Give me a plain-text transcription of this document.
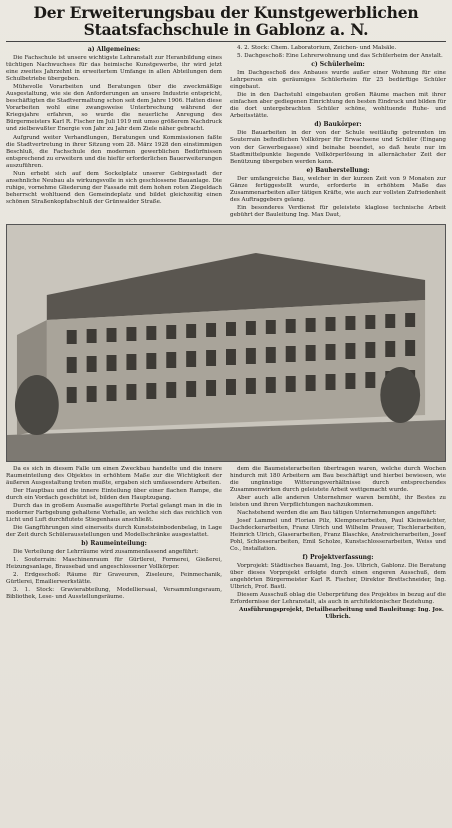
Der Erweiterungsbau der Kunstgewerblichen Staatsfachschule in Gablonz a. N.
a) Allgemeines:

Die Fachschule ist unsere wichtigste Lehranstalt zur Heranbildung eines tüchtigen Nachwuchses für das heimische Kunstgewerbe, ihr wird jetzt eine zweites Jahrzehnt in erweitertem Umfange in allen Abteilungen dem Schulbetriebe übergeben.

Mühevolle Vorarbeiten und Beratungen über die zweckmäßige Ausgestaltung, wie sie den Anforderungen an unsere Industrie entspricht, beschäftigten die Stadtvermaltung schon seit dem Jahre 1906. Hatten diese Vorarbeiten wohl eine zwangsweise Unterbrechung während der Kriegsjahre erfahren, so wurde die neuerliche Anregung des Bürgermeisters Karl R. Fischer im Juli 1919 mit umso größerem Nachdruck und zielbewußter Energie von Jahr zu Jahr dem Ziele näher gebracht.

Aufgrund weiter Verhandlungen, Beratungen und Kommissionen faßte die Stadtvertretung in ihrer Sitzung vom 28. März 1928 den einstimmigen Beschluß, die Fachschule den modernen gewerblichen Bedürfnissen entsprechend zu erweitern und die hiefür erforderlichen Bauerweiterungen auszuführen.

Nun erhebt sich auf dem Sockelplatz unserer Gebirgsstadt der ansehnliche Neubau als wirkungsvolle in sich geschlossene Bauanlage. Die ruhige, vornehme Gliederung der Fassade mit dem hohen roten Ziegeldach beherrscht wohltuend den Gemeindeplatz und bildet gleichzeitig einen schönen Straßenkopfabschluß der Grünwalder Straße.

4. 2. Stock: Chem. Laboratorium, Zeichen- und Malsäle.

5. Dachgeschoß: Eine Lehrerwohnung und das Schülerheim der Anstalt.

c) Schülerheim:

Im Dachgeschoß des Anbaues wurde außer einer Wohnung für eine Lehrperson ein geräumiges Schülerheim für 25 bedürftige Schüler eingebaut.

Die in den Dachstuhl eingebauten großen Räume machen mit ihrer einfachen aber gediegenen Einrichtung den besten Eindruck und bilden für die dort untergebrachten Schüler schöne, wohltuende Ruhe- und Arbeitsstätte.

d) Baukörper:

Die Bauarbeiten in der von der Schule weitläufig getrennten im Souterrain befindlichen Vollkörper für Erwachsene und Schüler (Eingang von der Gewerbegasse) sind beinahe beendet, so daß heute nur im Stadtmittelpunkte liegende Vollkörperlösung in allernächster Zeit der Benützung übergeben werden kann.

e) Bauherstellung:

Der umfangreiche Bau, welcher in der kurzen Zeit von 9 Monaten zur Gänze fertiggestellt wurde, erforderte in erhöhtem Maße das Zusammenarbeiten aller tätigen Kräfte, wie auch zur vollsten Zufriedenheit des Auftraggebers gelang.

Ein besonderes Verdienst für geleistete klaglose technische Arbeit gebührt der Bauleitung Ing. Max Daut,

Da es sich in diesem Falle um einen Zweckbau handelte und die innere Raumeinteilung des Objektes in erhöhtem Maße zur die Wichtigkeit der äußeren Ausgestaltung treten mußte, ergaben sich umfassendere Arbeiten.

Der Hauptbau und die innere Einteilung über einer flachen Rampe, die durch ein Vordach geschützt ist, bilden den Hauptzugang.

Durch das in großem Ausmaße ausgeführte Portal gelangt man in die in moderner Farbgebung gehaltene Vorhalle, an welche sich das reichlich von Licht und Luft durchflutete Stiegenhaus anschließt.

Die Gangführungen sind einerseits durch Kunststeinbodenbelag, in Lage der Zeit durch Schülerausstellungen und Modellschränke ausgestattet.

b) Raumeinteilung:

Die Verteilung der Lehrräume wird zusammenfassend angeführt:

1. Souterrain: Maschinenraum für Gürtlerei, Formerei, Gießerei, Heizungsanlage, Brausebad und angeschlossener Vollkörper.

2. Erdgeschoß: Räume für Graveuren, Ziseleure, Feinmechanik, Gürtlerei, Emailierwerkstätte.

3. 1. Stock: Gravierabteilung, Modelliersaal, Versammlungsraum, Bibliothek, Lese- und Ausstellungsräume.

dem die Baumeisterarbeiten übertragen waren, welche durch Wochen hindurch mit 180 Arbeitern am Bau beschäftigt und hierbei bewiesen, wie die ungünstige Witterungsverhältnisse durch entsprechendes Zusammenwirken durch geleistete Arbeit wettgemacht wurde.

Aber auch alle anderen Unternehmer waren bemüht, ihr Bestes zu leisten und ihren Verpflichtungen nachzukommen.

Nachstehend werden die am Bau tätigen Unternehmungen angeführt:

Josef Lammel und Florian Pilz, Klempnerarbeiten, Paul Kleinwächter, Dachdeckerarbeiten, Franz Ulrich und Wilhelm Prauser, Tischlerarbeiten, Heinrich Ulrich, Glaserarbeiten, Franz Blaschke, Anstreicherarbeiten, Josef Pohl, Schlosserarbeiten, Emil Scholze, Kunstschlosserarbeiten, Weiss und Co., Installation.

f) Projektverfassung:

Vorprojekt: Städtisches Bauamt, Ing. Jos. Ulbrich, Gablonz. Die Beratung über dieses Vorprojekt erfolgte durch einen engeren Ausschuß, dem angehörten Bürgermeister Karl R. Fischer, Direktor Brettschneider, Ing. Ulbrich, Prof. Bastl.

Diesem Ausschuß oblag die Ueberprüfung des Projektes in bezug auf die Erfordernisse der Lehranstalt, als auch in architektonischer Beziehung.

Ausführungsprojekt, Detailbearbeitung und Bauleitung: Ing. Jos. Ulbrich.
